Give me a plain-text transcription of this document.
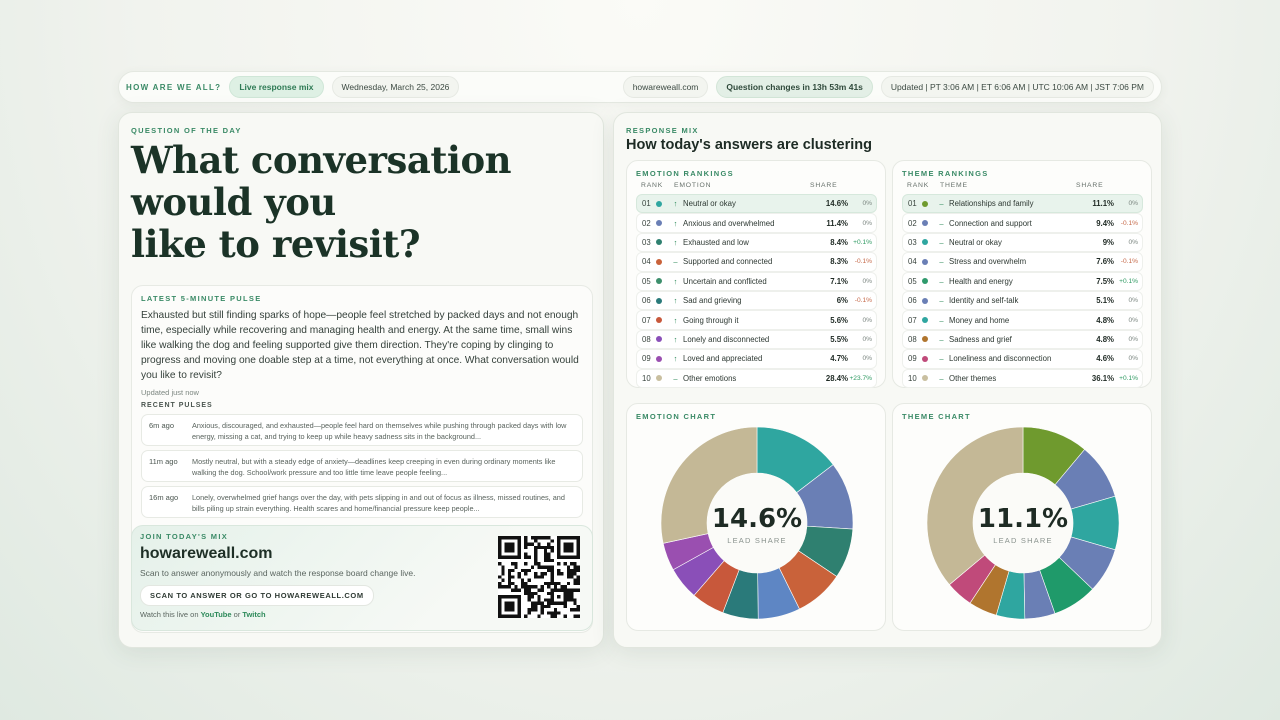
HOW ARE WE ALL?	Live response mix	Wednesday, March 25, 2026	howareweall.com	Question changes in 13h 53m 41s	Updated | PT 3:06 AM | ET 6:06 AM | UTC 10:06 AM | JST 7:06 PM
QUESTION OF THE DAY
What conversation
would you
like to revisit?
LATEST 5-MINUTE PULSE
Exhausted but still finding sparks of hope—people feel stretched by packed days and not enough time, especially while recovering and managing health and energy. At the same time, small wins like walking the dog and feeling supported give them direction. They're coping by clinging to progress and moving one doable step at a time, not everything at once. What conversation would you like to revisit?
Updated just now
RECENT PULSES
6m ago Anxious, discouraged, and exhausted—people feel hard on themselves while pushing through packed days with low energy, missing a cat, and trying to keep up while heavy sadness sits in the background...
11m ago Mostly neutral, but with a steady edge of anxiety—deadlines keep creeping in even during ordinary moments like walking the dog. School/work pressure and too little time leave people feeling...
16m ago Lonely, overwhelmed grief hangs over the day, with pets slipping in and out of focus as illness, missed routines, and bills piling up strain everything. Health scares and home/financial pressure keep people...
JOIN TODAY'S MIX
howareweall.com
Scan to answer anonymously and watch the response board change live.
SCAN TO ANSWER OR GO TO HOWAREWEALL.COM
Watch this live on YouTube or Twitch
RESPONSE MIX
How today's answers are clustering
EMOTION RANKINGS
RANK EMOTION	SHARE
01	↑ Neutral or okay	14.6%	0%
02	↑ Anxious and overwhelmed	11.4%	0%
03	↑ Exhausted and low	8.4% +0.1%
04	– Supported and connected	8.3%	-0.1%
05	↑ Uncertain and conflicted	7.1%	0%
06	↑ Sad and grieving	6%	-0.1%
07	↑ Going through it	5.6%	0%
08	↑ Lonely and disconnected	5.5%	0%
09	↑ Loved and appreciated	4.7%	0%
10	– Other emotions	28.4% +23.7%
THEME RANKINGS
RANK THEME	SHARE
01	– Relationships and family	11.1%	0%
02	– Connection and support	9.4%	-0.1%
03	– Neutral or okay	9%	0%
04	– Stress and overwhelm	7.6%	-0.1%
05	– Health and energy	7.5% +0.1%
06	– Identity and self-talk	5.1%	0%
07	– Money and home	4.8%	0%
08	– Sadness and grief	4.8%	0%
09	– Loneliness and disconnection	4.6%	0%
10	– Other themes	36.1% +0.1%
EMOTION CHART
14.6%
LEAD SHARE
THEME CHART
11.1%
LEAD SHARE
